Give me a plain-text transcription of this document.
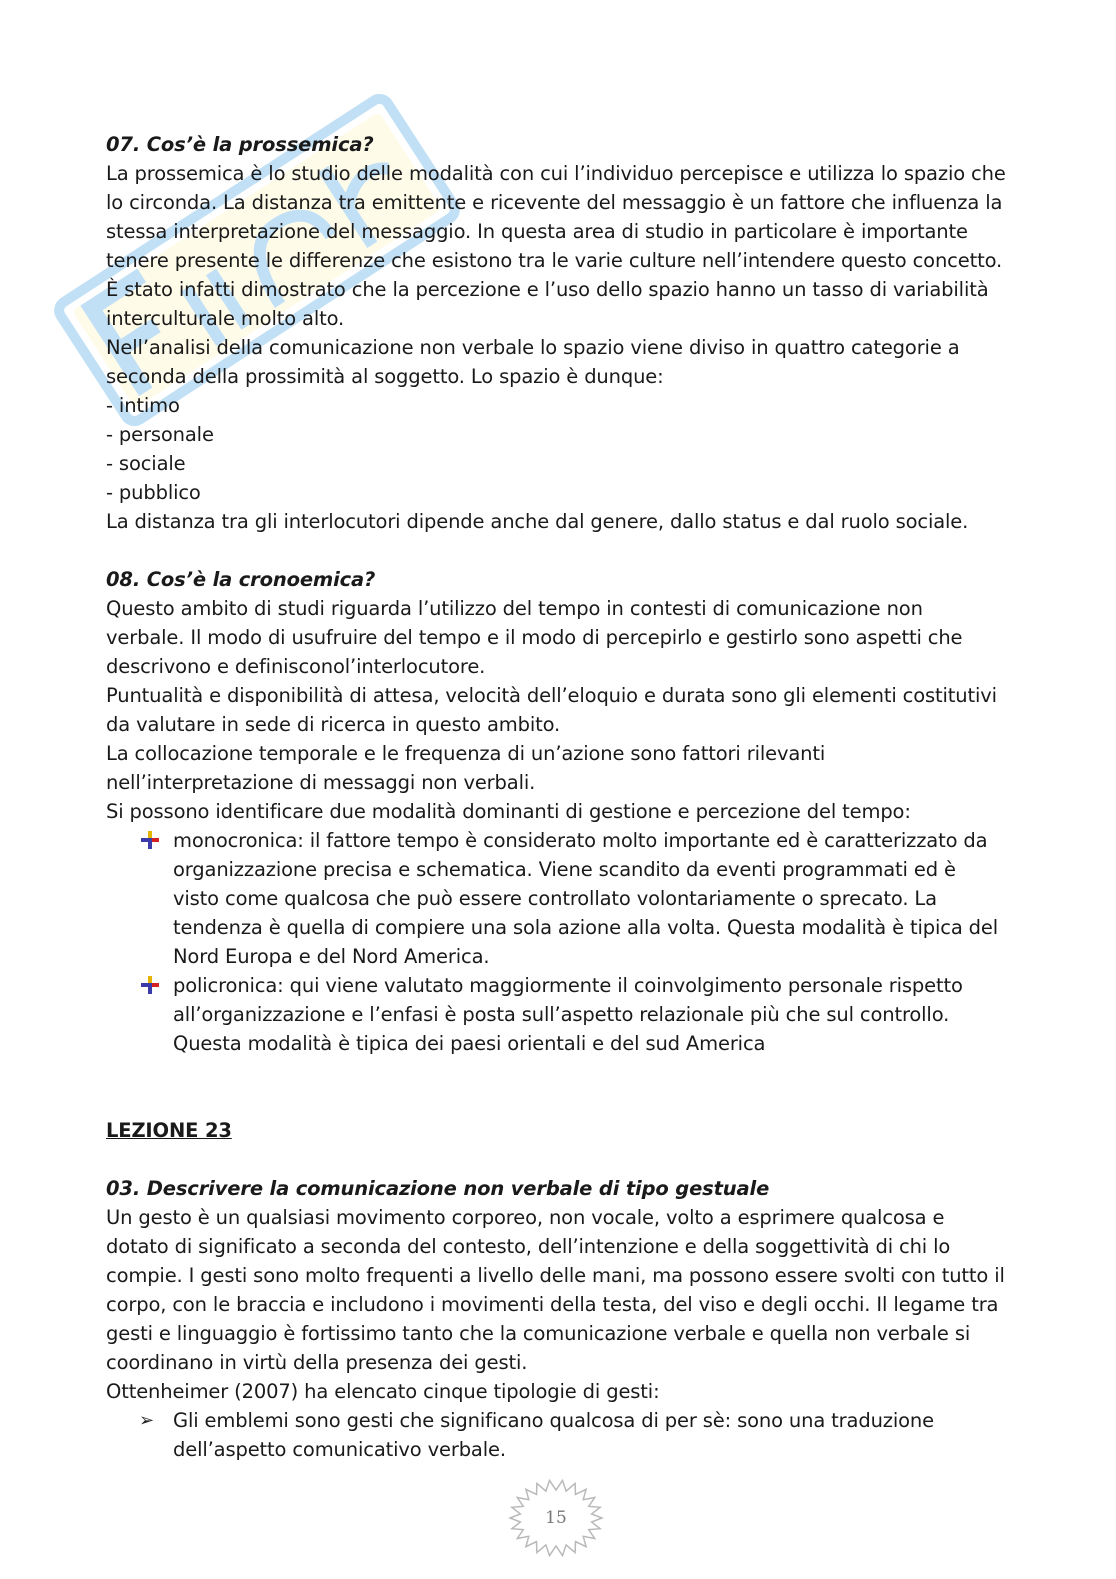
07. Cos’è la prossemica?

La prossemica è lo studio delle modalità con cui l’individuo percepisce e utilizza lo spazio che lo circonda. La distanza tra emittente e ricevente del messaggio è un fattore che influenza la stessa interpretazione del messaggio. In questa area di studio in particolare è importante tenere presente le differenze che esistono tra le varie culture nell’intendere questo concetto. È stato infatti dimostrato che la percezione e l’uso dello spazio hanno un tasso di variabilità interculturale molto alto.

Nell’analisi della comunicazione non verbale lo spazio viene diviso in quattro categorie a seconda della prossimità al soggetto. Lo spazio è dunque:

- intimo

- personale

- sociale

- pubblico

La distanza tra gli interlocutori dipende anche dal genere, dallo status e dal ruolo sociale.

08. Cos’è la cronoemica?

Questo ambito di studi riguarda l’utilizzo del tempo in contesti di comunicazione non verbale. Il modo di usufruire del tempo e il modo di percepirlo e gestirlo sono aspetti che descrivono e definisconol’interlocutore.

Puntualità e disponibilità di attesa, velocità dell’eloquio e durata sono gli elementi costitutivi da valutare in sede di ricerca in questo ambito.

La collocazione temporale e le frequenza di un’azione sono fattori rilevanti nell’interpretazione di messaggi non verbali.

Si possono identificare due modalità dominanti di gestione e percezione del tempo:

monocronica: il fattore tempo è considerato molto importante ed è caratterizzato da organizzazione precisa e schematica. Viene scandito da eventi programmati ed è visto come qualcosa che può essere controllato volontariamente o sprecato. La tendenza è quella di compiere una sola azione alla volta. Questa modalità è tipica del Nord Europa e del Nord America.
policronica: qui viene valutato maggiormente il coinvolgimento personale rispetto all’organizzazione e l’enfasi è posta sull’aspetto relazionale più che sul controllo. Questa modalità è tipica dei paesi orientali e del sud America

LEZIONE 23

03. Descrivere la comunicazione non verbale di tipo gestuale

Un gesto è un qualsiasi movimento corporeo, non vocale, volto a esprimere qualcosa e dotato di significato a seconda del contesto, dell’intenzione e della soggettività di chi lo compie. I gesti sono molto frequenti a livello delle mani, ma possono essere svolti con tutto il corpo, con le braccia e includono i movimenti della testa, del viso e degli occhi. Il legame tra gesti e linguaggio è fortissimo tanto che la comunicazione verbale e quella non verbale si coordinano in virtù della presenza dei gesti.

Ottenheimer (2007) ha elencato cinque tipologie di gesti:

➢ Gli emblemi sono gesti che significano qualcosa di per sè: sono una traduzione dell’aspetto comunicativo verbale.
15
